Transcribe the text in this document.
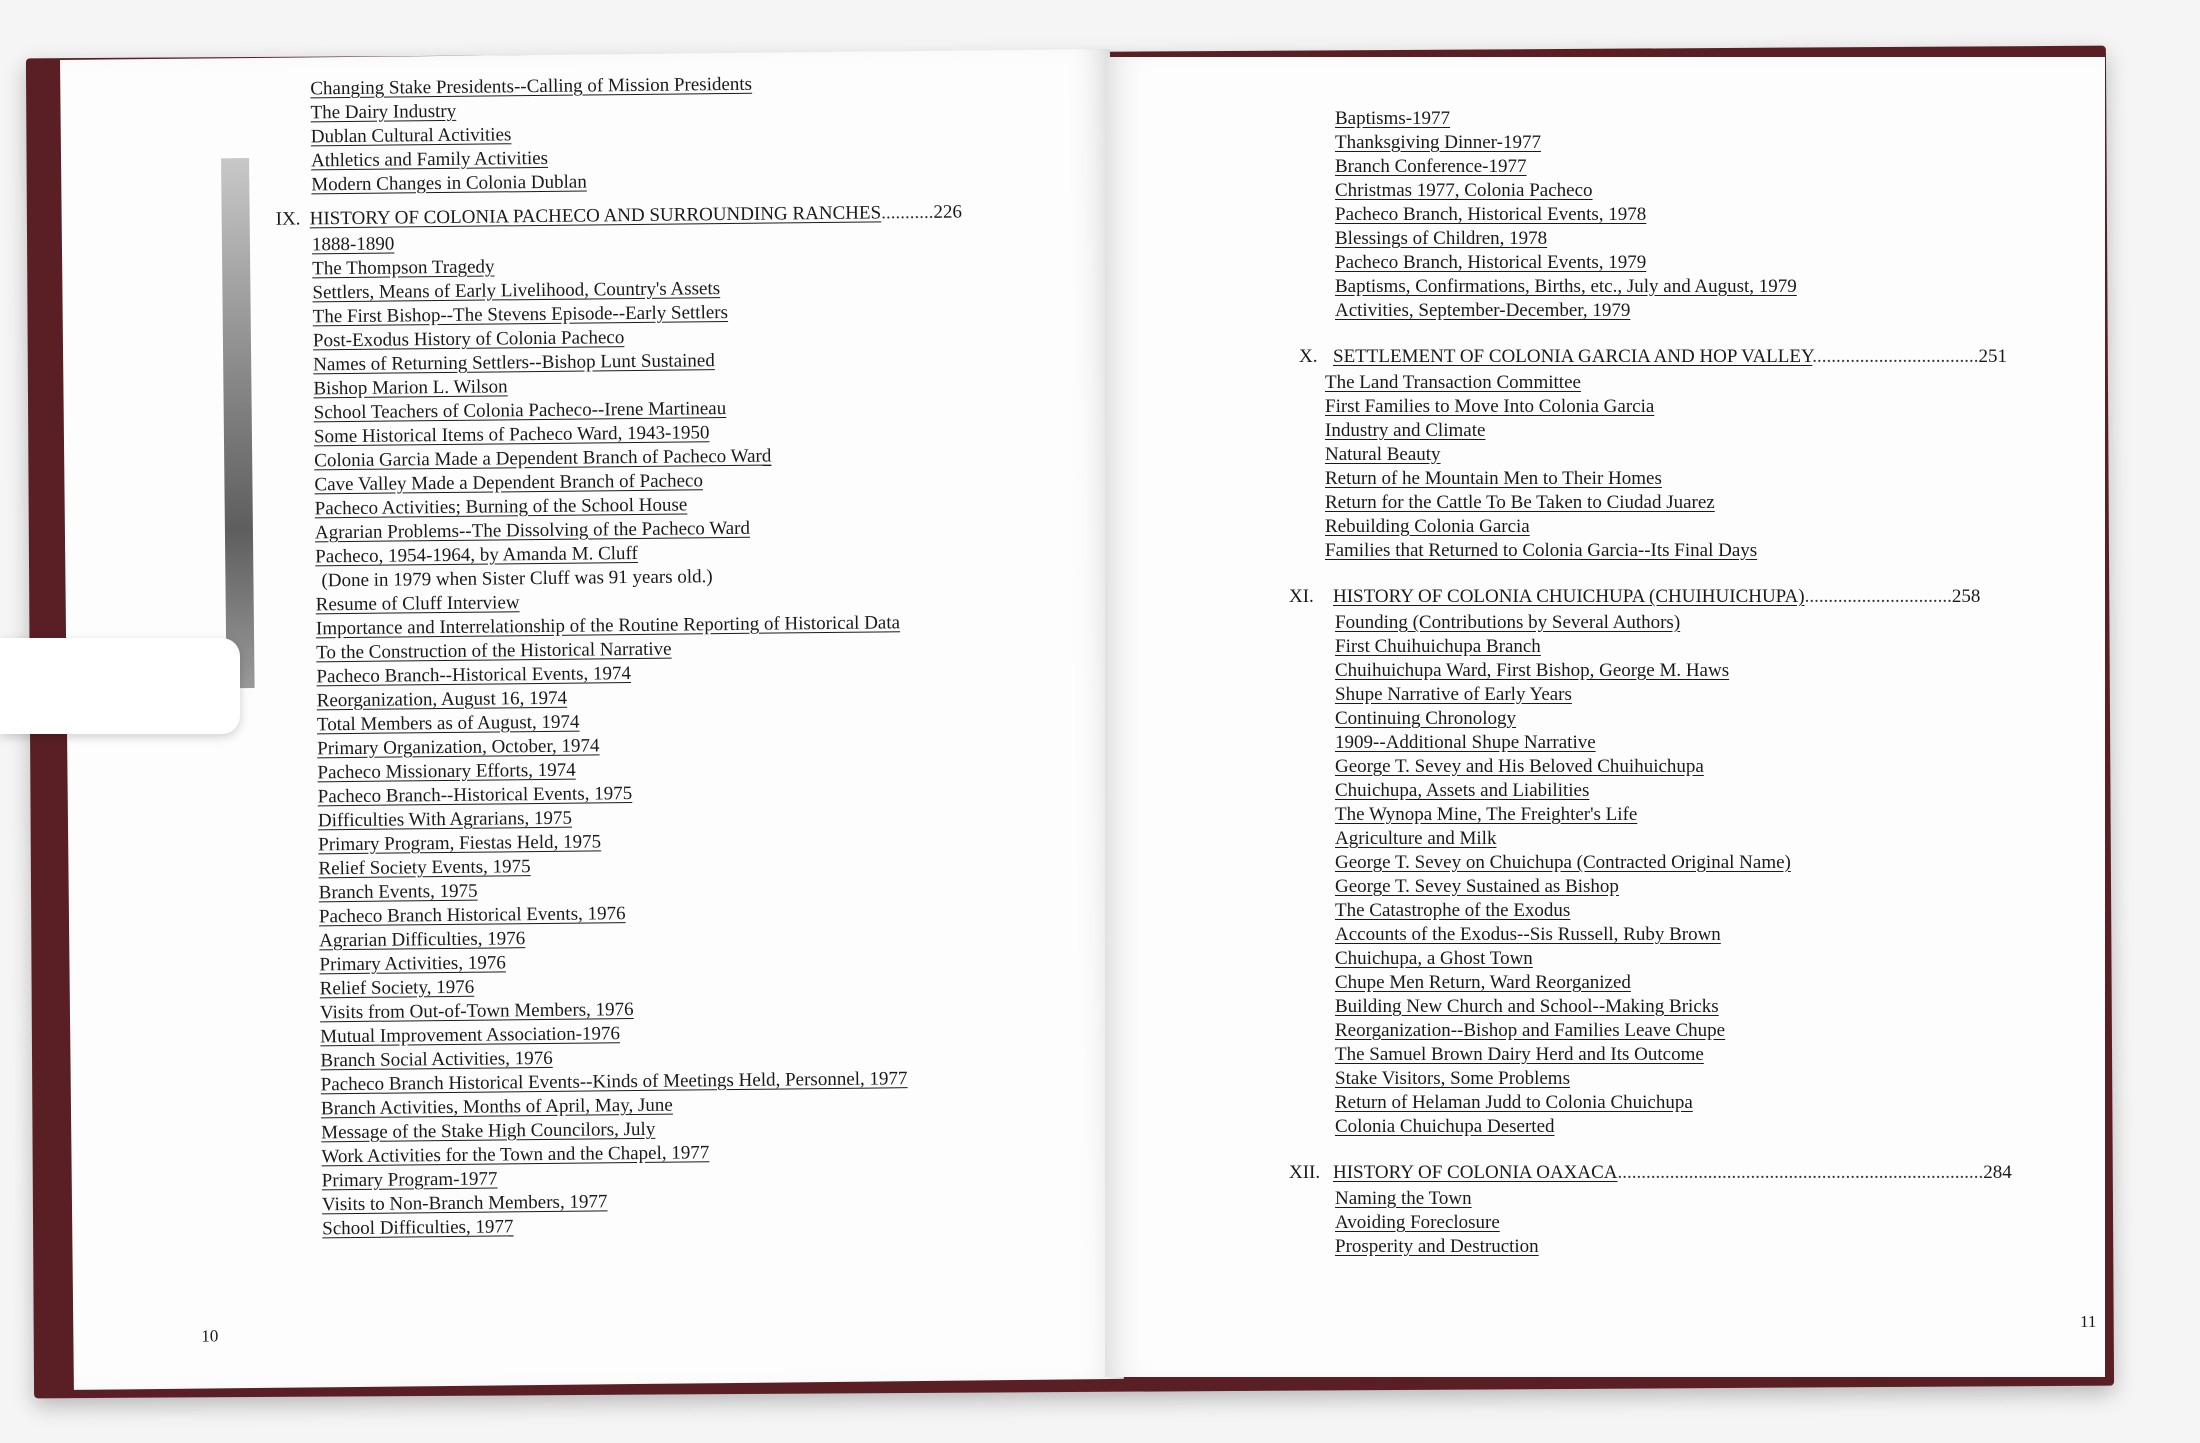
Changing Stake Presidents--Calling of Mission Presidents
The Dairy Industry
Dublan Cultural Activities
Athletics and Family Activities
Modern Changes in Colonia Dublan
IX. HISTORY OF COLONIA PACHECO AND SURROUNDING RANCHES...........226
1888-1890
The Thompson Tragedy
Settlers, Means of Early Livelihood, Country's Assets
The First Bishop--The Stevens Episode--Early Settlers
Post-Exodus History of Colonia Pacheco
Names of Returning Settlers--Bishop Lunt Sustained
Bishop Marion L. Wilson
School Teachers of Colonia Pacheco--Irene Martineau
Some Historical Items of Pacheco Ward, 1943-1950
Colonia Garcia Made a Dependent Branch of Pacheco Ward
Cave Valley Made a Dependent Branch of Pacheco
Pacheco Activities; Burning of the School House
Agrarian Problems--The Dissolving of the Pacheco Ward
Pacheco, 1954-1964, by Amanda M. Cluff
(Done in 1979 when Sister Cluff was 91 years old.)
Resume of Cluff Interview
Importance and Interrelationship of the Routine Reporting of Historical Data
To the Construction of the Historical Narrative
Pacheco Branch--Historical Events, 1974
Reorganization, August 16, 1974
Total Members as of August, 1974
Primary Organization, October, 1974
Pacheco Missionary Efforts, 1974
Pacheco Branch--Historical Events, 1975
Difficulties With Agrarians, 1975
Primary Program, Fiestas Held, 1975
Relief Society Events, 1975
Branch Events, 1975
Pacheco Branch Historical Events, 1976
Agrarian Difficulties, 1976
Primary Activities, 1976
Relief Society, 1976
Visits from Out-of-Town Members, 1976
Mutual Improvement Association-1976
Branch Social Activities, 1976
Pacheco Branch Historical Events--Kinds of Meetings Held, Personnel, 1977
Branch Activities, Months of April, May, June
Message of the Stake High Councilors, July
Work Activities for the Town and the Chapel, 1977
Primary Program-1977
Visits to Non-Branch Members, 1977
School Difficulties, 1977
10
Baptisms-1977
Thanksgiving Dinner-1977
Branch Conference-1977
Christmas 1977, Colonia Pacheco
Pacheco Branch, Historical Events, 1978
Blessings of Children, 1978
Pacheco Branch, Historical Events, 1979
Baptisms, Confirmations, Births, etc., July and August, 1979
Activities, September-December, 1979
X. SETTLEMENT OF COLONIA GARCIA AND HOP VALLEY...................................251
The Land Transaction Committee
First Families to Move Into Colonia Garcia
Industry and Climate
Natural Beauty
Return of he Mountain Men to Their Homes
Return for the Cattle To Be Taken to Ciudad Juarez
Rebuilding Colonia Garcia
Families that Returned to Colonia Garcia--Its Final Days
XI. HISTORY OF COLONIA CHUICHUPA (CHUIHUICHUPA)...............................258
Founding (Contributions by Several Authors)
First Chuihuichupa Branch
Chuihuichupa Ward, First Bishop, George M. Haws
Shupe Narrative of Early Years
Continuing Chronology
1909--Additional Shupe Narrative
George T. Sevey and His Beloved Chuihuichupa
Chuichupa, Assets and Liabilities
The Wynopa Mine, The Freighter's Life
Agriculture and Milk
George T. Sevey on Chuichupa (Contracted Original Name)
George T. Sevey Sustained as Bishop
The Catastrophe of the Exodus
Accounts of the Exodus--Sis Russell, Ruby Brown
Chuichupa, a Ghost Town
Chupe Men Return, Ward Reorganized
Building New Church and School--Making Bricks
Reorganization--Bishop and Families Leave Chupe
The Samuel Brown Dairy Herd and Its Outcome
Stake Visitors, Some Problems
Return of Helaman Judd to Colonia Chuichupa
Colonia Chuichupa Deserted
XII. HISTORY OF COLONIA OAXACA.............................................................................284
Naming the Town
Avoiding Foreclosure
Prosperity and Destruction
11
